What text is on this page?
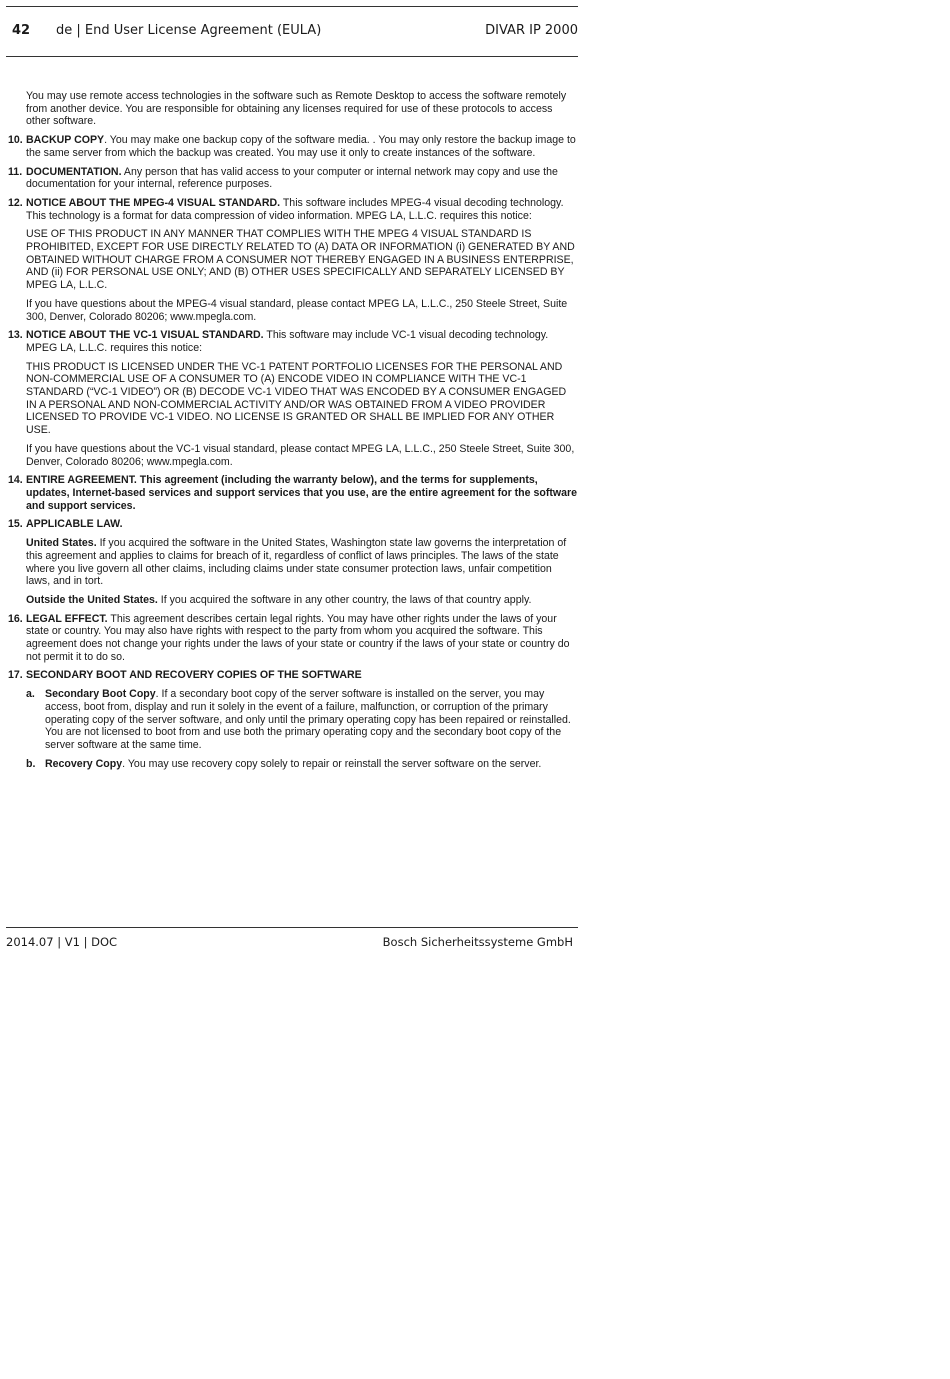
42 de | End User License Agreement (EULA)	DIVAR IP 2000

You may use remote access technologies in the software such as Remote Desktop to access the software remotely from another device. You are responsible for obtaining any licenses required for use of these protocols to access other software.

10. BACKUP COPY. You may make one backup copy of the software media. . You may only restore the backup image to the same server from which the backup was created. You may use it only to create instances of the software.
11. DOCUMENTATION. Any person that has valid access to your computer or internal network may copy and use the documentation for your internal, reference purposes.
12. NOTICE ABOUT THE MPEG-4 VISUAL STANDARD. This software includes MPEG-4 visual decoding technology. This technology is a format for data compression of video information. MPEG LA, L.L.C. requires this notice:

USE OF THIS PRODUCT IN ANY MANNER THAT COMPLIES WITH THE MPEG 4 VISUAL STANDARD IS PROHIBITED, EXCEPT FOR USE DIRECTLY RELATED TO (A) DATA OR INFORMATION (i) GENERATED BY AND OBTAINED WITHOUT CHARGE FROM A CONSUMER NOT THEREBY ENGAGED IN A BUSINESS ENTERPRISE, AND (ii) FOR PERSONAL USE ONLY; AND (B) OTHER USES SPECIFICALLY AND SEPARATELY LICENSED BY MPEG LA, L.L.C.

If you have questions about the MPEG-4 visual standard, please contact MPEG LA, L.L.C., 250 Steele Street, Suite 300, Denver, Colorado 80206; www.mpegla.com.

13. NOTICE ABOUT THE VC-1 VISUAL STANDARD. This software may include VC-1 visual decoding technology. MPEG LA, L.L.C. requires this notice:

THIS PRODUCT IS LICENSED UNDER THE VC-1 PATENT PORTFOLIO LICENSES FOR THE PERSONAL AND NON-COMMERCIAL USE OF A CONSUMER TO (A) ENCODE VIDEO IN COMPLIANCE WITH THE VC-1 STANDARD (“VC-1 VIDEO”) OR (B) DECODE VC-1 VIDEO THAT WAS ENCODED BY A CONSUMER ENGAGED IN A PERSONAL AND NON-COMMERCIAL ACTIVITY AND/OR WAS OBTAINED FROM A VIDEO PROVIDER LICENSED TO PROVIDE VC-1 VIDEO. NO LICENSE IS GRANTED OR SHALL BE IMPLIED FOR ANY OTHER USE.

If you have questions about the VC-1 visual standard, please contact MPEG LA, L.L.C., 250 Steele Street, Suite 300, Denver, Colorado 80206; www.mpegla.com.

14. ENTIRE AGREEMENT. This agreement (including the warranty below), and the terms for supplements, updates, Internet-based services and support services that you use, are the entire agreement for the software and support services.
15. APPLICABLE LAW.

United States. If you acquired the software in the United States, Washington state law governs the interpretation of this agreement and applies to claims for breach of it, regardless of conflict of laws principles. The laws of the state where you live govern all other claims, including claims under state consumer protection laws, unfair competition laws, and in tort.

Outside the United States. If you acquired the software in any other country, the laws of that country apply.

16. LEGAL EFFECT. This agreement describes certain legal rights. You may have other rights under the laws of your state or country. You may also have rights with respect to the party from whom you acquired the software. This agreement does not change your rights under the laws of your state or country if the laws of your state or country do not permit it to do so.
17. SECONDARY BOOT AND RECOVERY COPIES OF THE SOFTWARE
a. Secondary Boot Copy. If a secondary boot copy of the server software is installed on the server, you may access, boot from, display and run it solely in the event of a failure, malfunction, or corruption of the primary operating copy of the server software, and only until the primary operating copy has been repaired or reinstalled. You are not licensed to boot from and use both the primary operating copy and the secondary boot copy of the server software at the same time.
b. Recovery Copy. You may use recovery copy solely to repair or reinstall the server software on the server.
2014.07 | V1 | DOC	Bosch Sicherheitssysteme GmbH
